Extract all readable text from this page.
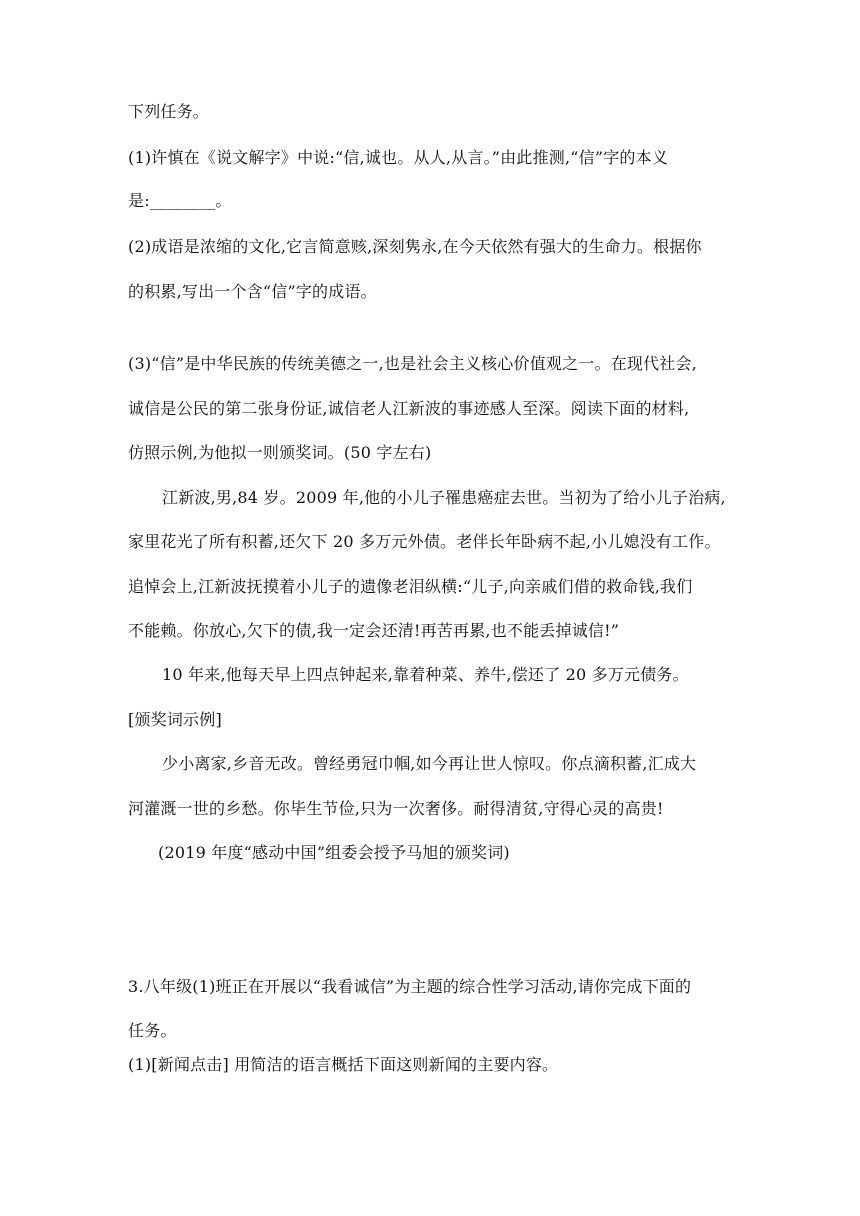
下列任务。
(1)许慎在《说文解字》中说:“信,诚也。从人,从言。”由此推测,“信”字的本义
是:________。
(2)成语是浓缩的文化,它言简意赅,深刻隽永,在今天依然有强大的生命力。根据你
的积累,写出一个含“信”字的成语。
(3)“信”是中华民族的传统美德之一,也是社会主义核心价值观之一。在现代社会,
诚信是公民的第二张身份证,诚信老人江新波的事迹感人至深。阅读下面的材料,
仿照示例,为他拟一则颁奖词。(50 字左右)
江新波,男,84 岁。2009 年,他的小儿子罹患癌症去世。当初为了给小儿子治病,
家里花光了所有积蓄,还欠下 20 多万元外债。老伴长年卧病不起,小儿媳没有工作。
追悼会上,江新波抚摸着小儿子的遗像老泪纵横:“儿子,向亲戚们借的救命钱,我们
不能赖。你放心,欠下的债,我一定会还清!再苦再累,也不能丢掉诚信!”
10 年来,他每天早上四点钟起来,靠着种菜、养牛,偿还了 20 多万元债务。
[颁奖词示例]
少小离家,乡音无改。曾经勇冠巾帼,如今再让世人惊叹。你点滴积蓄,汇成大
河灌溉一世的乡愁。你毕生节俭,只为一次奢侈。耐得清贫,守得心灵的高贵!
(2019 年度“感动中国”组委会授予马旭的颁奖词)
3.八年级(1)班正在开展以“我看诚信”为主题的综合性学习活动,请你完成下面的
任务。
(1)[新闻点击] 用简洁的语言概括下面这则新闻的主要内容。
